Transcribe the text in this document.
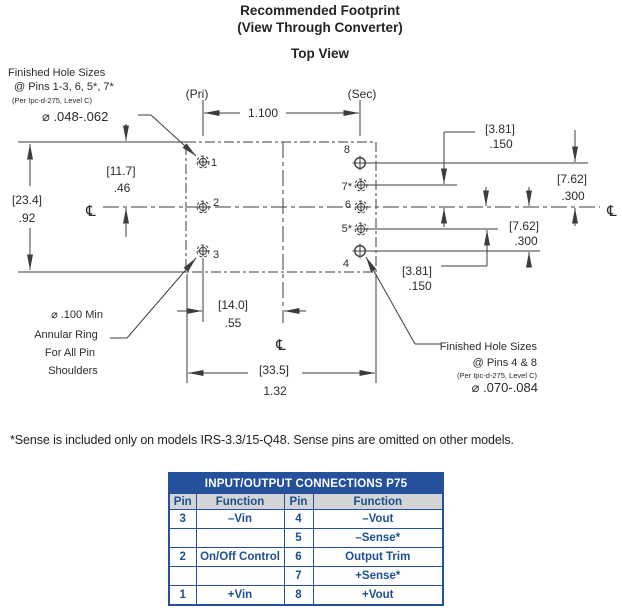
Recommended Footprint
(View Through Converter)
Top View
Finished Hole Sizes
@ Pins 1-3, 6, 5*, 7*
(Per Ipc-d-275, Level C)
⌀ .048-.062
(Pri)	(Sec)
1.100
[23.4]
.92
[11.7]
.46
[3.81]
.150
[7.62]
.300
[7.62]
.300
[3.81]
.150
[14.0]
.55
[33.5]
1.32
1
2
3
8
7*
6
5*
4
℄	℄
℄
⌀ .100 Min
Annular Ring
For All Pin
Shoulders
Finished Hole Sizes
@ Pins 4 & 8
(Per Ipc-d-275, Level C)
⌀ .070-.084
*Sense is included only on models IRS-3.3/15-Q48. Sense pins are omitted on other models.
INPUT/OUTPUT CONNECTIONS P75			
Pin	Function	Pin	Function
3	–Vin	4	–Vout
		5	–Sense*
2	On/Off Control	6	Output Trim
		7	+Sense*
1	+Vin	8	+Vout
